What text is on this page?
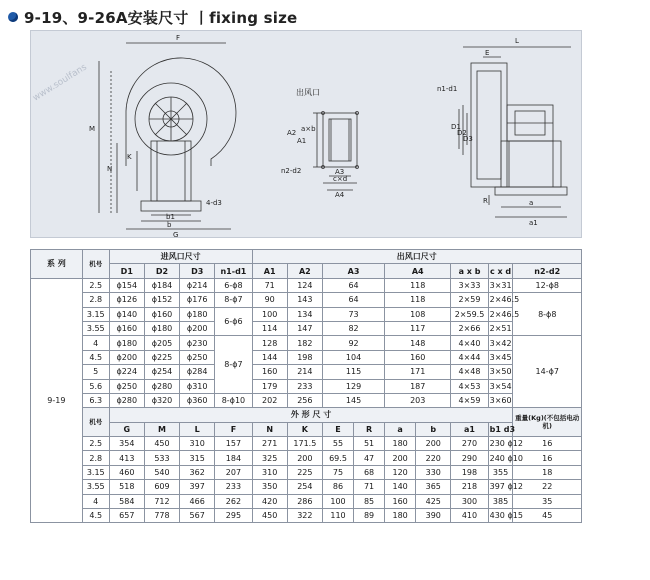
9-19、9-26A安装尺寸 丨fixing size
www.soulfans
F
M
N
K
b1
b
G
4-d3
出风口
A2
A1
a×b
n2-d2	A3
c×d
A4
L
E
n1-d1
D1
D2
D3
R	a
a1
系 列	机号	进风口尺寸				出风口尺寸								
		D1	D2	D3	n1-d1	A1	A2	A3		A4		a x b	c x d	n2-d2
9-19	2.5	ϕ154	ϕ184	ϕ214	6-ϕ8	71	124	64		118		3×33	3×31	12-ϕ8
	2.8	ϕ126	ϕ152	ϕ176	8-ϕ7	90	143	64		118		2×59	2×46.5	8-ϕ8
	3.15	ϕ140	ϕ160	ϕ180	6-ϕ6	100	134	73		108		2×59.5	2×46.5	
	3.55	ϕ160	ϕ180	ϕ200		114	147	82		117		2×66	2×51	
	4	ϕ180	ϕ205	ϕ230	8-ϕ7	128	182	92		148		4×40	3×42	14-ϕ7
	4.5	ϕ200	ϕ225	ϕ250		144	198	104		160		4×44	3×45	
	5	ϕ224	ϕ254	ϕ284		160	214	115		171		4×48	3×50	
	5.6	ϕ250	ϕ280	ϕ310		179	233	129		187		4×53	3×54	
	6.3	ϕ280	ϕ320	ϕ360	8-ϕ10	202	256	145		203		4×59	3×60	
	机号	外 形 尺 寸												重量(Kg)(不包括电动机)
		G	M	L	F	N	K	E	R	a	b	a1	b1 d3	
	2.5	354	450	310	157	271	171.5	55	51	180	200	270	230 ϕ12	16
	2.8	413	533	315	184	325	200	69.5	47	200	220	290	240 ϕ10	16
	3.15	460	540	362	207	310	225	75	68	120	330	198	355	18
	3.55	518	609	397	233	350	254	86	71	140	365	218	397 ϕ12	22
	4	584	712	466	262	420	286	100	85	160	425	300	385	35
	4.5	657	778	567	295	450	322	110	89	180	390	410	430 ϕ15	45
